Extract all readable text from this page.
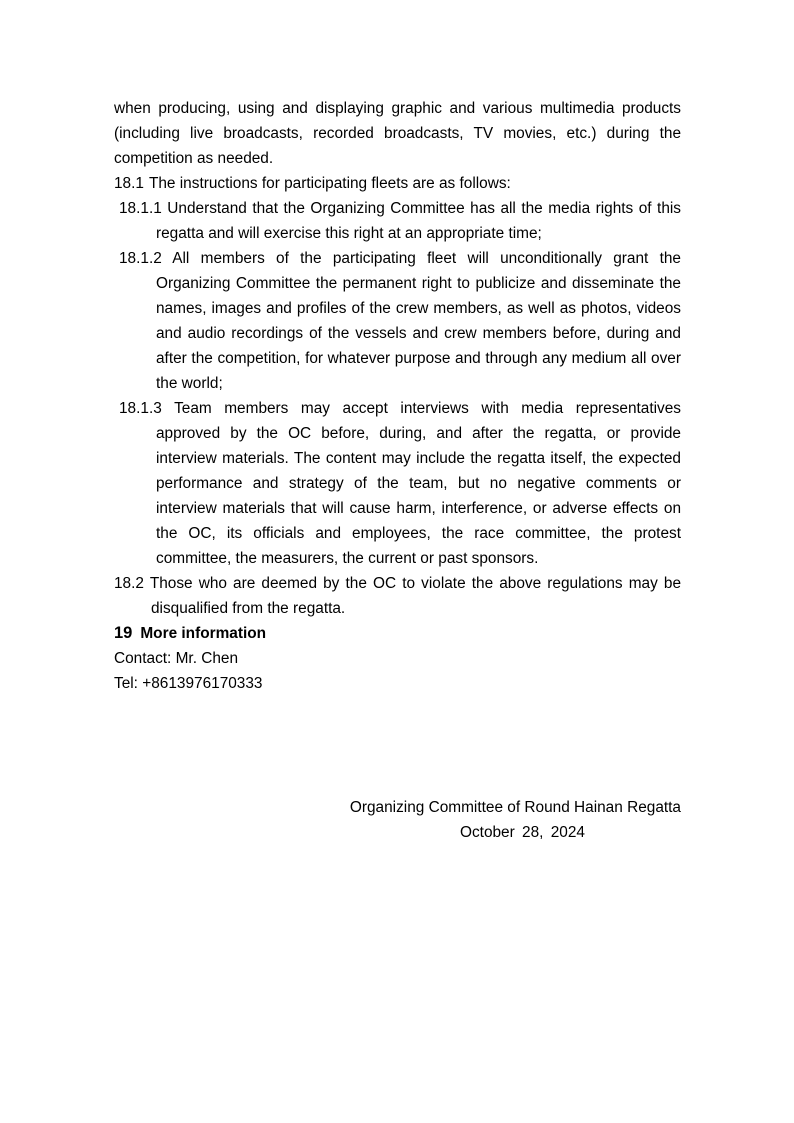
when producing, using and displaying graphic and various multimedia products (including live broadcasts, recorded broadcasts, TV movies, etc.) during the competition as needed.

18.1 The instructions for participating fleets are as follows:

18.1.1 Understand that the Organizing Committee has all the media rights of this regatta and will exercise this right at an appropriate time;

18.1.2 All members of the participating fleet will unconditionally grant the Organizing Committee the permanent right to publicize and disseminate the names, images and profiles of the crew members, as well as photos, videos and audio recordings of the vessels and crew members before, during and after the competition, for whatever purpose and through any medium all over the world;

18.1.3 Team members may accept interviews with media representatives approved by the OC before, during, and after the regatta, or provide interview materials. The content may include the regatta itself, the expected performance and strategy of the team, but no negative comments or interview materials that will cause harm, interference, or adverse effects on the OC, its officials and employees, the race committee, the protest committee, the measurers, the current or past sponsors.

18.2 Those who are deemed by the OC to violate the above regulations may be disqualified from the regatta.

19 More information

Contact: Mr. Chen

Tel: +8613976170333

Organizing Committee of Round Hainan Regatta
October 28, 2024
